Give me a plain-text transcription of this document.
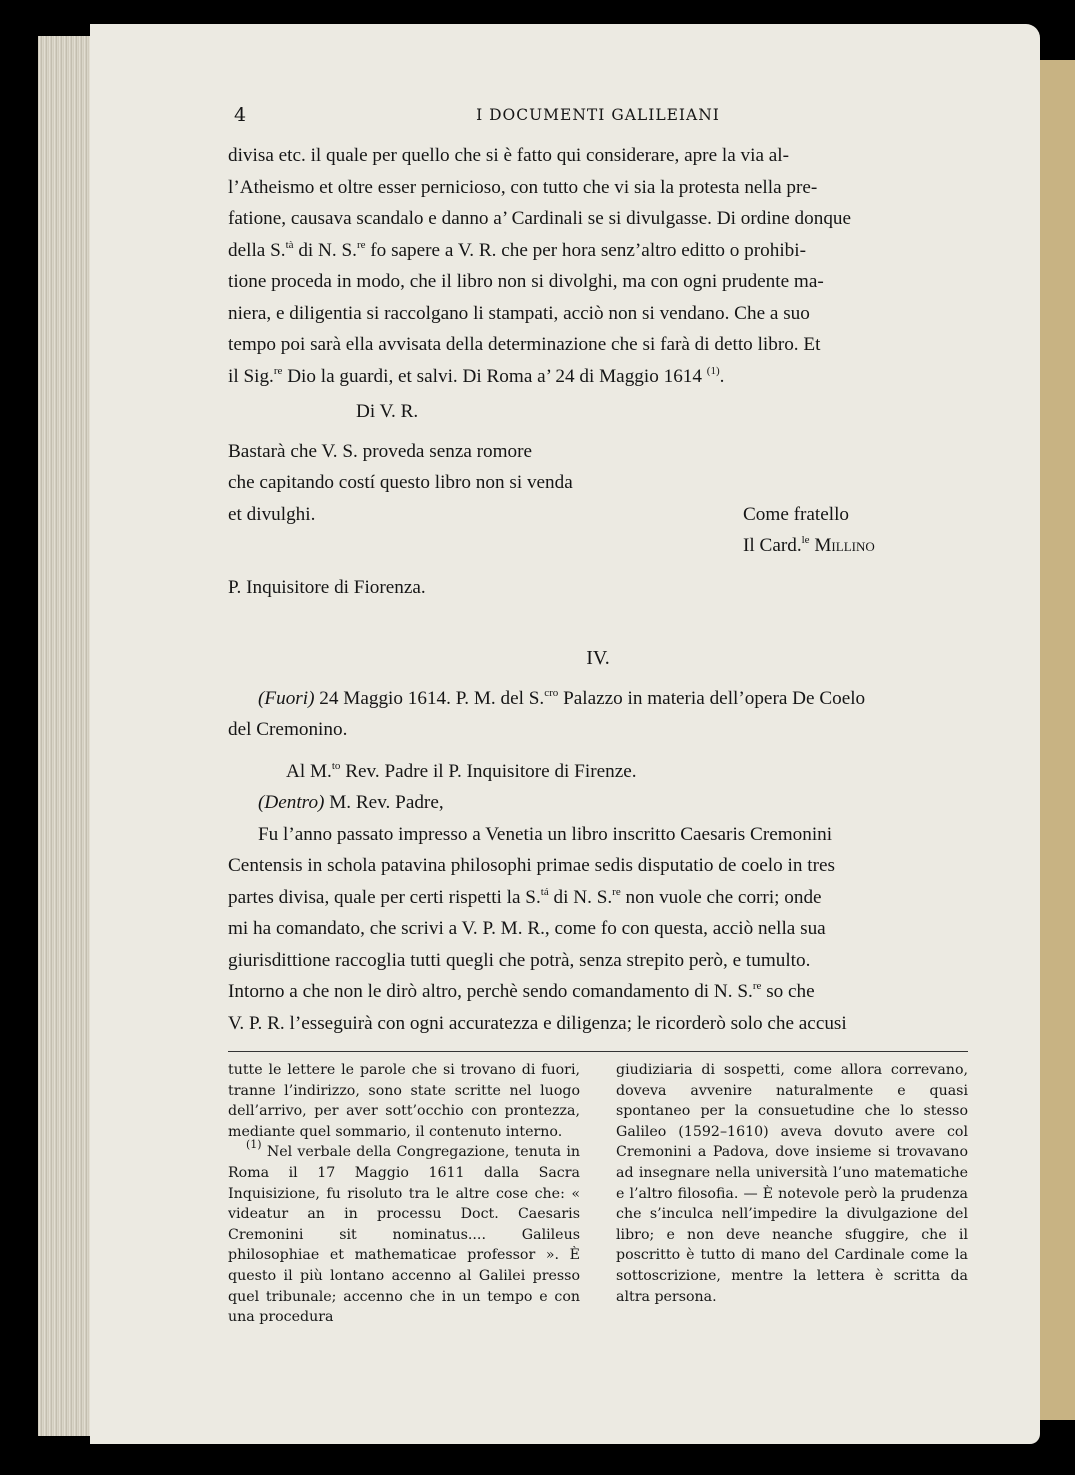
4	I DOCUMENTI GALILEIANI

divisa etc. il quale per quello che si è fatto qui considerare, apre la via al-

l’Atheismo et oltre esser pernicioso, con tutto che vi sia la protesta nella pre-

fatione, causava scandalo e danno a’ Cardinali se si divulgasse. Di ordine donque

della S.$^{tà}$ di N. S.$^{re}$ fo sapere a V. R. che per hora senz’altro editto o prohibi-

tione proceda in modo, che il libro non si divolghi, ma con ogni prudente ma-

niera, e diligentia si raccolgano li stampati, acciò non si vendano. Che a suo

tempo poi sarà ella avvisata della determinazione che si farà di detto libro. Et

il Sig.$^{re}$ Dio la guardi, et salvi. Di Roma a’ 24 di Maggio 1614 $^{(1)}$.

Di V. R.

Bastarà che V. S. proveda senza romore

che capitando costí questo libro non si venda

et divulghi.	Come fratello
Il Card.$^{le}$ Millino

P. Inquisitore di Fiorenza.

IV.

(Fuori) 24 Maggio 1614. P. M. del S.$^{cro}$ Palazzo in materia dell’opera De Coelo

del Cremonino.

Al M.$^{to}$ Rev. Padre il P. Inquisitore di Firenze.

(Dentro) M. Rev. Padre,

Fu l’anno passato impresso a Venetia un libro inscritto Caesaris Cremonini

Centensis in schola patavina philosophi primae sedis disputatio de coelo in tres

partes divisa, quale per certi rispetti la S.$^{tá}$ di N. S.$^{re}$ non vuole che corri; onde

mi ha comandato, che scrivi a V. P. M. R., come fo con questa, acciò nella sua

giurisdittione raccoglia tutti quegli che potrà, senza strepito però, e tumulto.

Intorno a che non le dirò altro, perchè sendo comandamento di N. S.$^{re}$ so che

V. P. R. l’esseguirà con ogni accuratezza e diligenza; le ricorderò solo che accusi

tutte le lettere le parole che si trovano di fuori, tranne l’indirizzo, sono state scritte nel luogo dell’arrivo, per aver sott’occhio con prontezza, mediante quel sommario, il contenuto interno.

$^{(1)}$ Nel verbale della Congregazione, tenuta in Roma il 17 Maggio 1611 dalla Sacra Inquisizione, fu risoluto tra le altre cose che: « videatur an in processu Doct. Caesaris Cremonini sit nominatus.... Galileus philosophiae et mathematicae professor ». È questo il più lontano accenno al Galilei presso quel tribunale; accenno che in un tempo e con una procedura

giudiziaria di sospetti, come allora correvano, doveva avvenire naturalmente e quasi spontaneo per la consuetudine che lo stesso Galileo (1592–1610) aveva dovuto avere col Cremonini a Padova, dove insieme si trovavano ad insegnare nella università l’uno matematiche e l’altro filosofia. — È notevole però la prudenza che s’inculca nell’impedire la divulgazione del libro; e non deve neanche sfuggire, che il poscritto è tutto di mano del Cardinale come la sottoscrizione, mentre la lettera è scritta da altra persona.
